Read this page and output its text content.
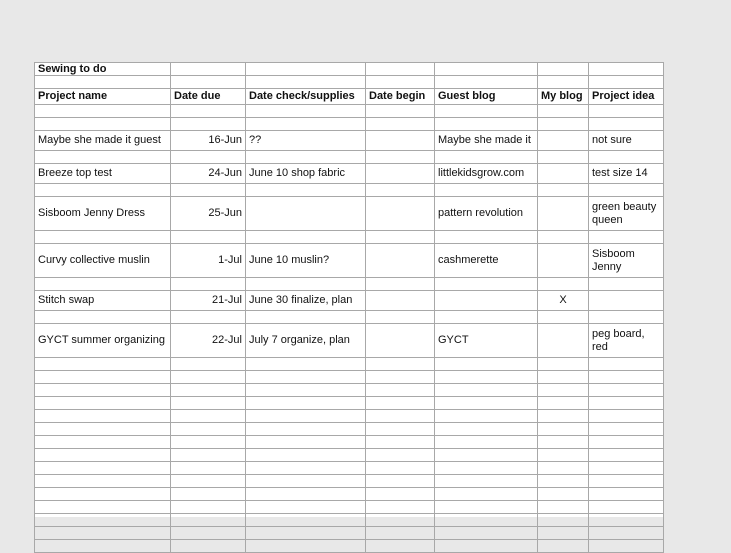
Sewing to do						

Project name	Date due	Date check/supplies	Date begin	Guest blog	My blog	Project idea

Maybe she made it guest	16-Jun	??		Maybe she made it		not sure

Breeze top test	24-Jun	June 10 shop fabric		littlekidsgrow.com		test size 14

Sisboom Jenny Dress	25-Jun			pattern revolution		green beauty queen

Curvy collective muslin	1-Jul	June 10 muslin?		cashmerette		Sisboom Jenny

Stitch swap	21-Jul	June 30 finalize, plan			X	

GYCT summer organizing	22-Jul	July 7 organize, plan		GYCT		peg board, red
